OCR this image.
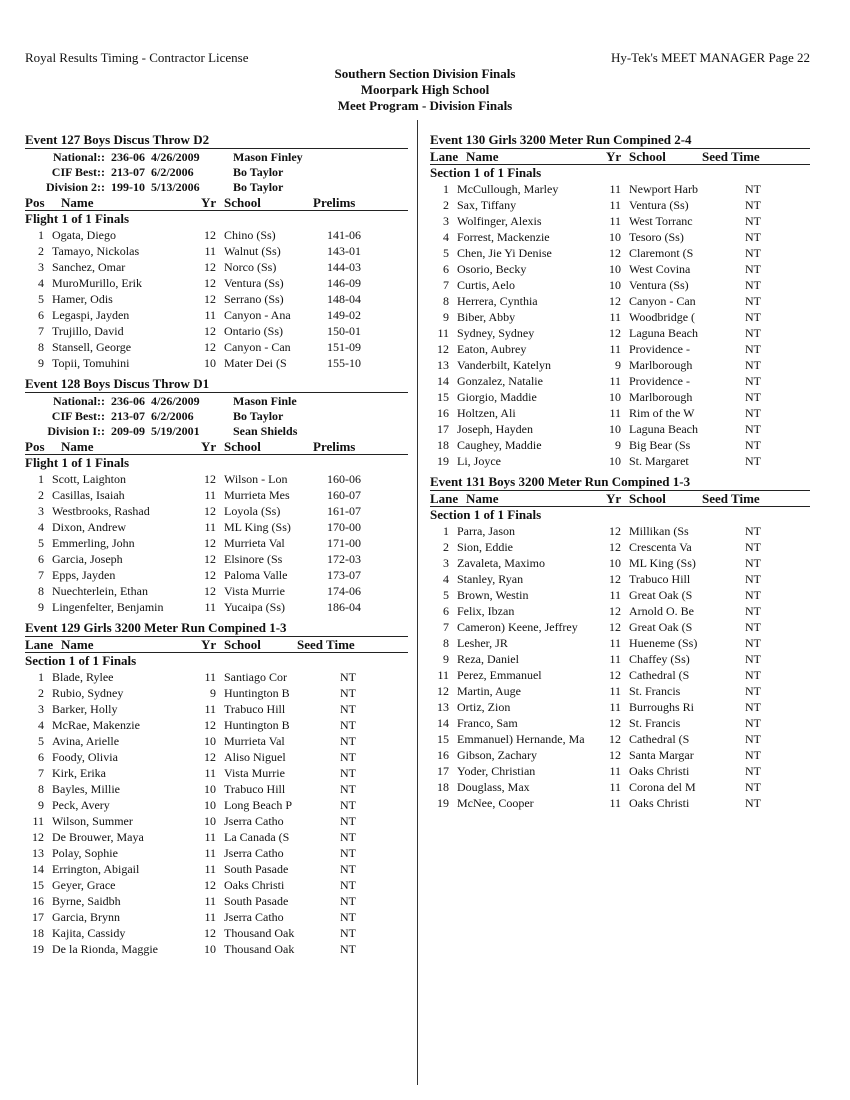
Royal Results Timing - Contractor License	Hy-Tek's MEET MANAGER Page 22
Southern Section Division Finals
Moorpark High School
Meet Program - Division Finals
Event 127 Boys Discus Throw D2
National:: 236-06 4/26/2009	Mason Finley
CIF Best:: 213-07 6/2/2006	Bo Taylor
Division 2:: 199-10 5/13/2006	Bo Taylor
Pos Name	Yr School	Prelims
Flight 1 of 1 Finals
1 Ogata, Diego	12 Chino (Ss)	141-06
2 Tamayo, Nickolas	11 Walnut (Ss)	143-01
3 Sanchez, Omar	12 Norco (Ss)	144-03
4 MuroMurillo, Erik	12 Ventura (Ss)	146-09
5 Hamer, Odis	12 Serrano (Ss)	148-04
6 Legaspi, Jayden	11 Canyon - Ana	149-02
7 Trujillo, David	12 Ontario (Ss)	150-01
8 Stansell, George	12 Canyon - Can	151-09
9 Topii, Tomuhini	10 Mater Dei (S	155-10
Event 128 Boys Discus Throw D1
National:: 236-06 4/26/2009	Mason Finle
CIF Best:: 213-07 6/2/2006	Bo Taylor
Division I:: 209-09 5/19/2001	Sean Shields
Pos Name	Yr School	Prelims
Flight 1 of 1 Finals
1 Scott, Laighton	12 Wilson - Lon	160-06
2 Casillas, Isaiah	11 Murrieta Mes	160-07
3 Westbrooks, Rashad	12 Loyola (Ss)	161-07
4 Dixon, Andrew	11 ML King (Ss)	170-00
5 Emmerling, John	12 Murrieta Val	171-00
6 Garcia, Joseph	12 Elsinore (Ss	172-03
7 Epps, Jayden	12 Paloma Valle	173-07
8 Nuechterlein, Ethan	12 Vista Murrie	174-06
9 Lingenfelter, Benjamin	11 Yucaipa (Ss)	186-04
Event 129 Girls 3200 Meter Run Compined 1-3
Lane Name	Yr School	Seed Time
Section 1 of 1 Finals
1 Blade, Rylee	11 Santiago Cor	NT
2 Rubio, Sydney	9 Huntington B	NT
3 Barker, Holly	11 Trabuco Hill	NT
4 McRae, Makenzie	12 Huntington B	NT
5 Avina, Arielle	10 Murrieta Val	NT
6 Foody, Olivia	12 Aliso Niguel	NT
7 Kirk, Erika	11 Vista Murrie	NT
8 Bayles, Millie	10 Trabuco Hill	NT
9 Peck, Avery	10 Long Beach P	NT
11 Wilson, Summer	10 Jserra Catho	NT
12 De Brouwer, Maya	11 La Canada (S	NT
13 Polay, Sophie	11 Jserra Catho	NT
14 Errington, Abigail	11 South Pasade	NT
15 Geyer, Grace	12 Oaks Christi	NT
16 Byrne, Saidbh	11 South Pasade	NT
17 Garcia, Brynn	11 Jserra Catho	NT
18 Kajita, Cassidy	12 Thousand Oak	NT
19 De la Rionda, Maggie	10 Thousand Oak	NT
Event 130 Girls 3200 Meter Run Compined 2-4
Lane Name	Yr School	Seed Time
Section 1 of 1 Finals
1 McCullough, Marley	11 Newport Harb	NT
2 Sax, Tiffany	11 Ventura (Ss)	NT
3 Wolfinger, Alexis	11 West Torranc	NT
4 Forrest, Mackenzie	10 Tesoro (Ss)	NT
5 Chen, Jie Yi Denise	12 Claremont (S	NT
6 Osorio, Becky	10 West Covina	NT
7 Curtis, Aelo	10 Ventura (Ss)	NT
8 Herrera, Cynthia	12 Canyon - Can	NT
9 Biber, Abby	11 Woodbridge (	NT
11 Sydney, Sydney	12 Laguna Beach	NT
12 Eaton, Aubrey	11 Providence -	NT
13 Vanderbilt, Katelyn	9 Marlborough	NT
14 Gonzalez, Natalie	11 Providence -	NT
15 Giorgio, Maddie	10 Marlborough	NT
16 Holtzen, Ali	11 Rim of the W	NT
17 Joseph, Hayden	10 Laguna Beach	NT
18 Caughey, Maddie	9 Big Bear (Ss	NT
19 Li, Joyce	10 St. Margaret	NT
Event 131 Boys 3200 Meter Run Compined 1-3
Lane Name	Yr School	Seed Time
Section 1 of 1 Finals
1 Parra, Jason	12 Millikan (Ss	NT
2 Sion, Eddie	12 Crescenta Va	NT
3 Zavaleta, Maximo	10 ML King (Ss)	NT
4 Stanley, Ryan	12 Trabuco Hill	NT
5 Brown, Westin	11 Great Oak (S	NT
6 Felix, Ibzan	12 Arnold O. Be	NT
7 Cameron) Keene, Jeffrey	12 Great Oak (S	NT
8 Lesher, JR	11 Hueneme (Ss)	NT
9 Reza, Daniel	11 Chaffey (Ss)	NT
11 Perez, Emmanuel	12 Cathedral (S	NT
12 Martin, Auge	11 St. Francis	NT
13 Ortiz, Zion	11 Burroughs Ri	NT
14 Franco, Sam	12 St. Francis	NT
15 Emmanuel) Hernande, Ma	12 Cathedral (S	NT
16 Gibson, Zachary	12 Santa Margar	NT
17 Yoder, Christian	11 Oaks Christi	NT
18 Douglass, Max	11 Corona del M	NT
19 McNee, Cooper	11 Oaks Christi	NT
